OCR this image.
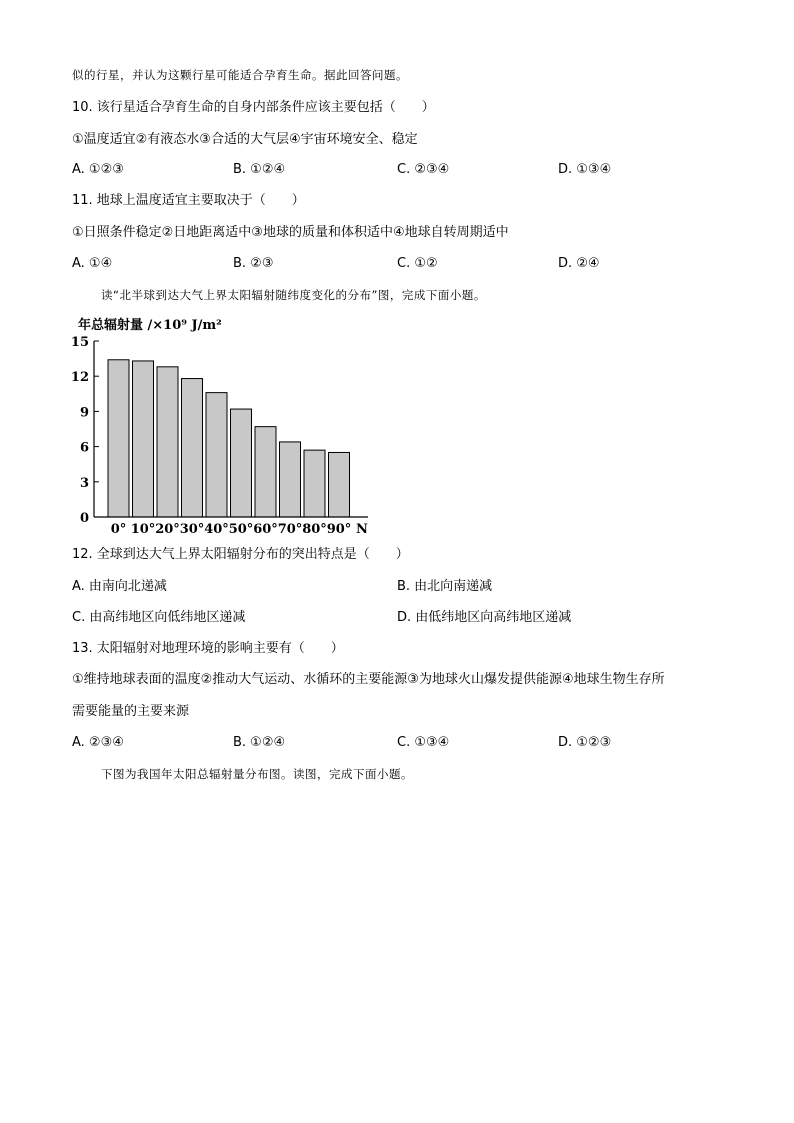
似的行星，并认为这颗行星可能适合孕育生命。据此回答问题。
10. 该行星适合孕育生命的自身内部条件应该主要包括（　　）
①温度适宜②有液态水③合适的大气层④宇宙环境安全、稳定
A. ①②③	B. ①②④	C. ②③④	D. ①③④
11. 地球上温度适宜主要取决于（　　）
①日照条件稳定②日地距离适中③地球的质量和体积适中④地球自转周期适中
A. ①④	B. ②③	C. ①②	D. ②④
读“北半球到达大气上界太阳辐射随纬度变化的分布”图，完成下面小题。
年总辐射量 /×10⁹ J/m²
0° 10° 20° 30° 40° 50° 60° 70° 80° 90° N
0
3
6
9
12
15
12. 全球到达大气上界太阳辐射分布的突出特点是（　　）
A. 由南向北递减	B. 由北向南递减
C. 由高纬地区向低纬地区递减	D. 由低纬地区向高纬地区递减
13. 太阳辐射对地理环境的影响主要有（　　）
①维持地球表面的温度②推动大气运动、水循环的主要能源③为地球火山爆发提供能源④地球生物生存所
需要能量的主要来源
A. ②③④	B. ①②④	C. ①③④	D. ①②③
下图为我国年太阳总辐射量分布图。读图，完成下面小题。
